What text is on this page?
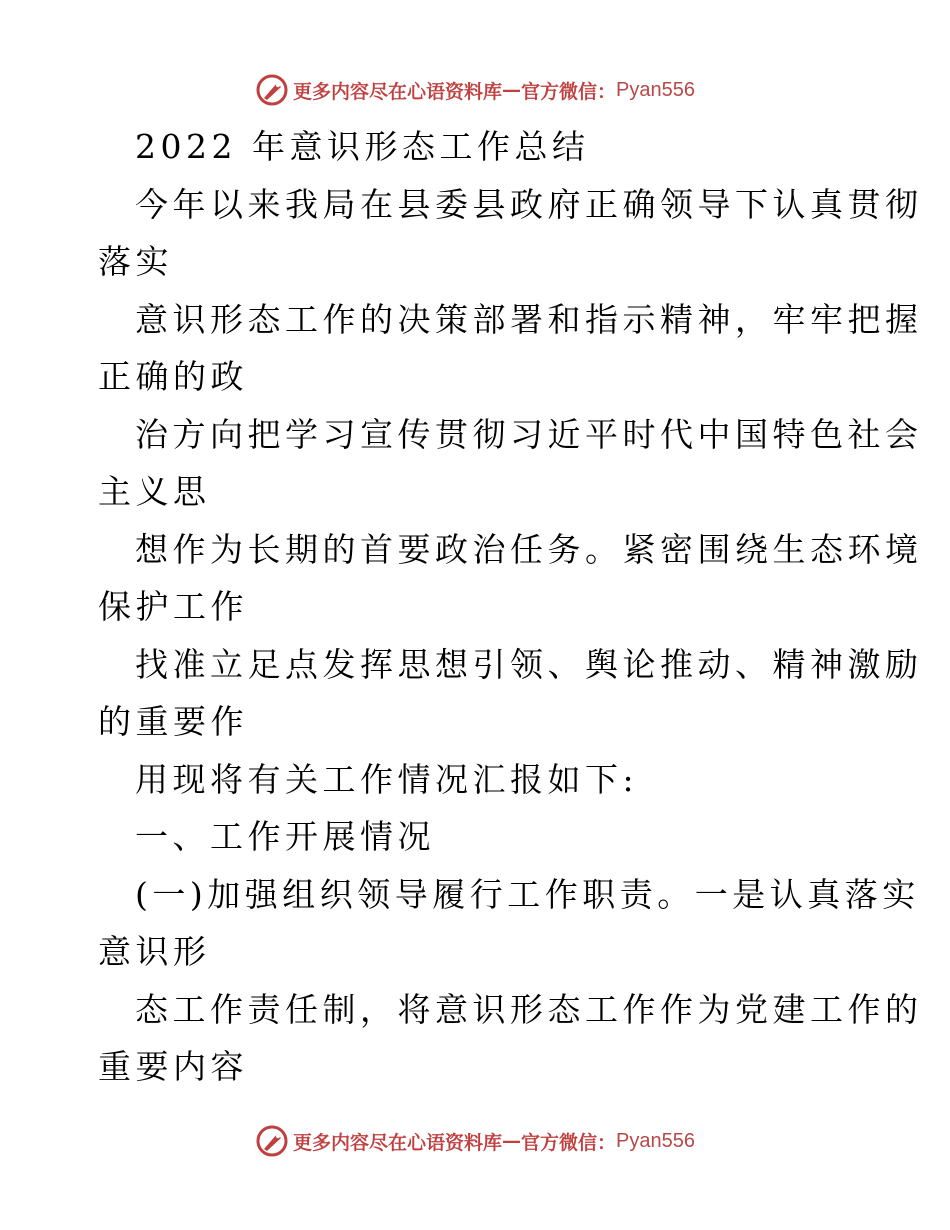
更多内容尽在心语资料库 — 官方微信： Pyan556
2022 年意识形态工作总结
今年以来我局在县委县政府正确领导下认真贯彻
落实
意识形态工作的决策部署和指示精神，牢牢把握
正确的政
治方向把学习宣传贯彻习近平时代中国特色社会
主义思
想作为长期的首要政治任务。紧密围绕生态环境
保护工作
找准立足点发挥思想引领、舆论推动、精神激励
的重要作
用现将有关工作情况汇报如下:
一、工作开展情况
(一)加强组织领导履行工作职责。一是认真落实
意识形
态工作责任制，将意识形态工作作为党建工作的
重要内容
更多内容尽在心语资料库 — 官方微信： Pyan556
